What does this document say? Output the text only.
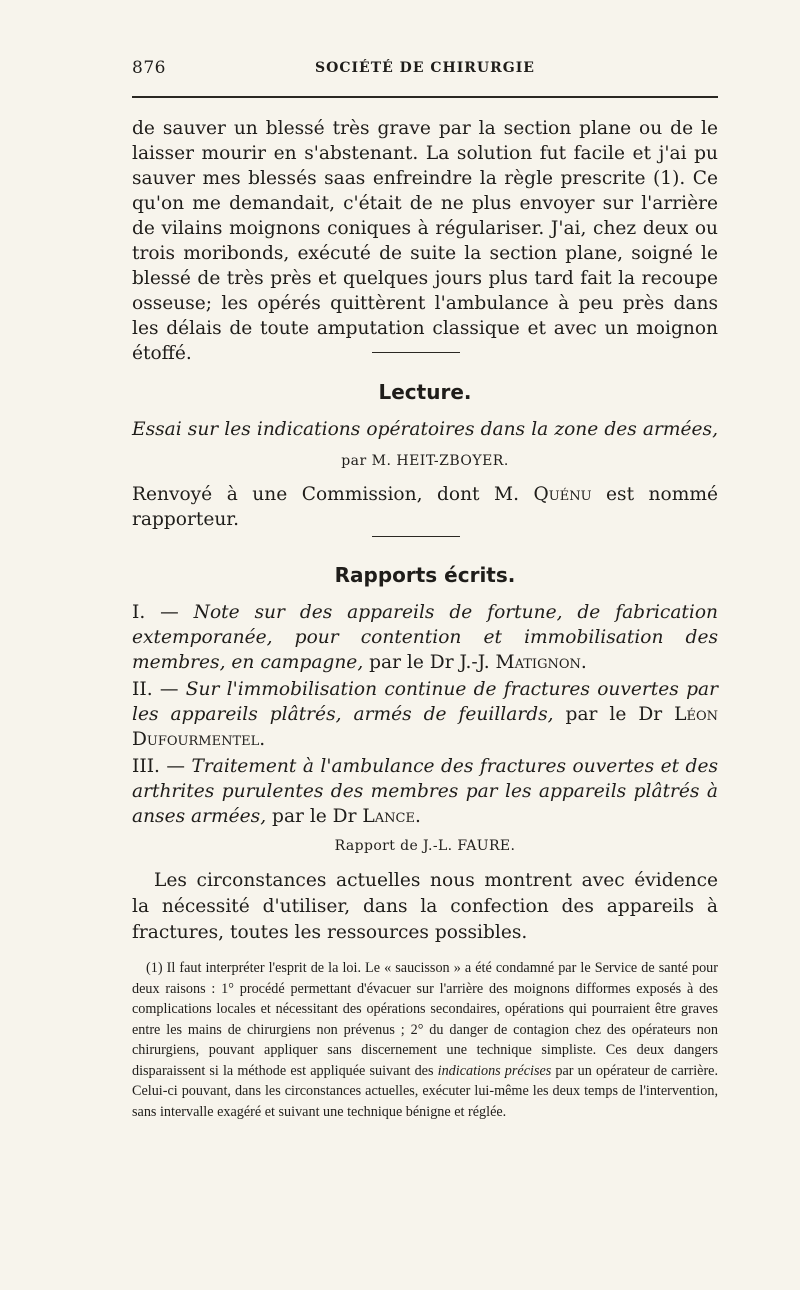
876	SOCIÉTÉ DE CHIRURGIE

de sauver un blessé très grave par la section plane ou de le laisser mourir en s'abstenant. La solution fut facile et j'ai pu sauver mes blessés saas enfreindre la règle prescrite (1). Ce qu'on me demandait, c'était de ne plus envoyer sur l'arrière de vilains moignons coniques à régulariser. J'ai, chez deux ou trois moribonds, exécuté de suite la section plane, soigné le blessé de très près et quelques jours plus tard fait la recoupe osseuse; les opérés quittèrent l'ambulance à peu près dans les délais de toute amputation classique et avec un moignon étoffé.

Lecture.
Essai sur les indications opératoires dans la zone des armées,
par M. HEIT-ZBOYER.

Renvoyé à une Commission, dont M. Quénu est nommé rapporteur.

Rapports écrits.

I. — Note sur des appareils de fortune, de fabrication extemporanée, pour contention et immobilisation des membres, en campagne, par le Dr J.-J. Matignon.

II. — Sur l'immobilisation continue de fractures ouvertes par les appareils plâtrés, armés de feuillards, par le Dr Léon Dufourmentel.

III. — Traitement à l'ambulance des fractures ouvertes et des arthrites purulentes des membres par les appareils plâtrés à anses armées, par le Dr Lance.

Rapport de J.-L. FAURE.

Les circonstances actuelles nous montrent avec évidence la nécessité d'utiliser, dans la confection des appareils à fractures, toutes les ressources possibles.

(1) Il faut interpréter l'esprit de la loi. Le « saucisson » a été condamné par le Service de santé pour deux raisons : 1° procédé permettant d'évacuer sur l'arrière des moignons difformes exposés à des complications locales et nécessitant des opérations secondaires, opérations qui pourraient être graves entre les mains de chirurgiens non prévenus ; 2° du danger de contagion chez des opérateurs non chirurgiens, pouvant appliquer sans discernement une technique simpliste. Ces deux dangers disparaissent si la méthode est appliquée suivant des indications précises par un opérateur de carrière. Celui-ci pouvant, dans les circonstances actuelles, exécuter lui-même les deux temps de l'intervention, sans intervalle exagéré et suivant une technique bénigne et réglée.
